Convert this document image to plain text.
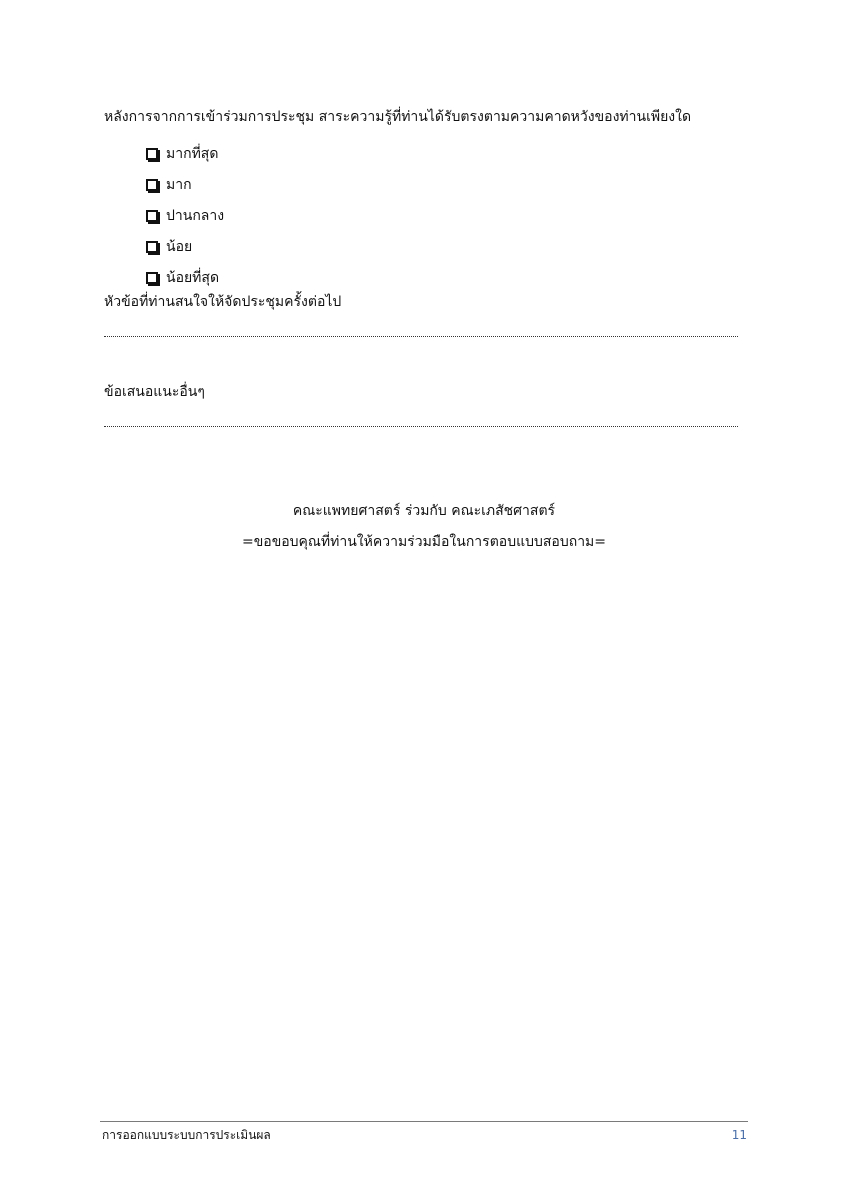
หลังการจากการเข้าร่วมการประชุม สาระความรู้ที่ท่านได้รับตรงตามความคาดหวังของท่านเพียงใด
มากที่สุด
มาก
ปานกลาง
น้อย
น้อยที่สุด
หัวข้อที่ท่านสนใจให้จัดประชุมครั้งต่อไป
ข้อเสนอแนะอื่นๆ
คณะแพทยศาสตร์ ร่วมกับ คณะเภสัชศาสตร์
=ขอขอบคุณที่ท่านให้ความร่วมมือในการตอบแบบสอบถาม=
การออกแบบระบบการประเมินผล	11
